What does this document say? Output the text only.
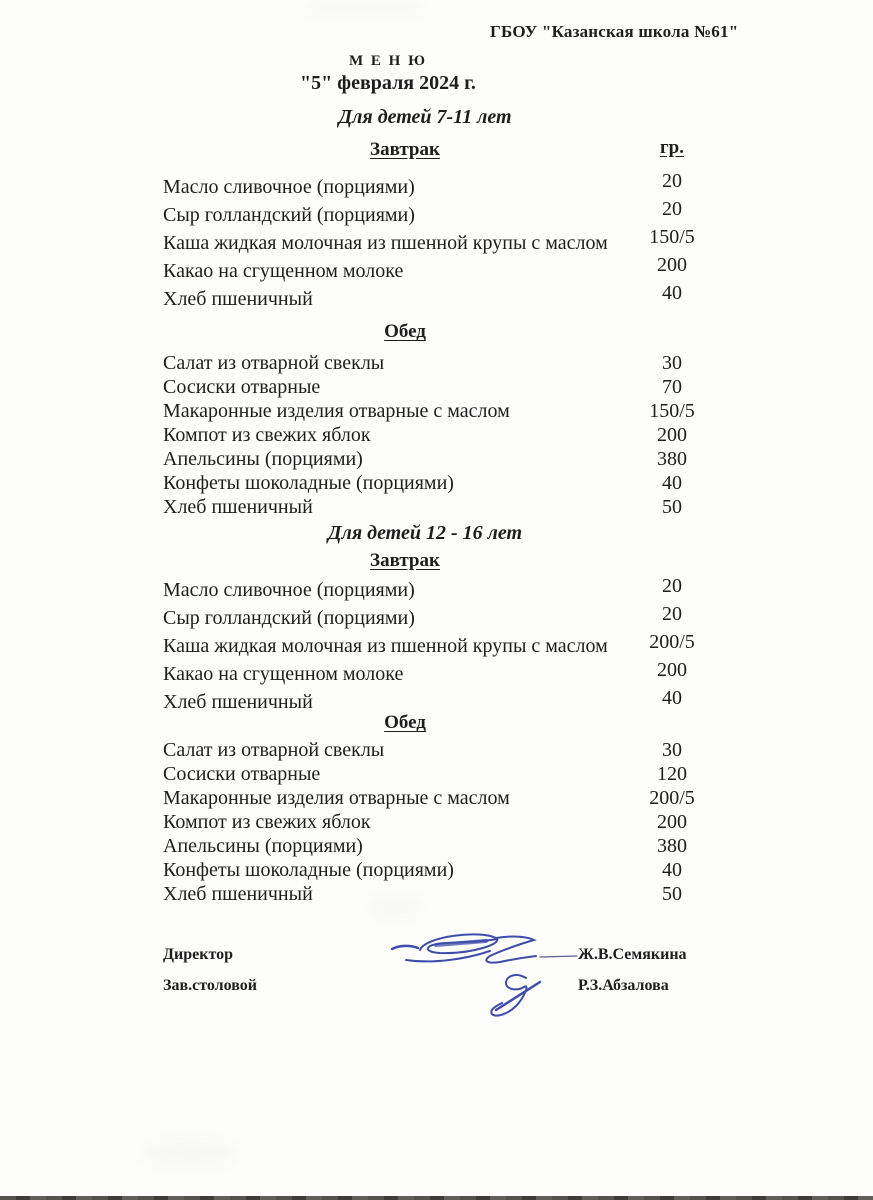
ГБОУ "Казанская школа №61"
М Е Н Ю
"5" февраля 2024 г.
Для детей 7-11 лет
Завтрак	гр.
Масло сливочное (порциями)	20
Сыр голландский (порциями)	20
Каша жидкая молочная из пшенной крупы с маслом	150/5
Какао на сгущенном молоке	200
Хлеб пшеничный	40
Обед
Салат из отварной свеклы	30
Сосиски отварные	70
Макаронные изделия отварные с маслом	150/5
Компот из свежих яблок	200
Апельсины (порциями)	380
Конфеты шоколадные (порциями)	40
Хлеб пшеничный	50
Для детей 12 - 16 лет
Завтрак
Масло сливочное (порциями)	20
Сыр голландский (порциями)	20
Каша жидкая молочная из пшенной крупы с маслом	200/5
Какао на сгущенном молоке	200
Хлеб пшеничный	40
Обед
Салат из отварной свеклы	30
Сосиски отварные	120
Макаронные изделия отварные с маслом	200/5
Компот из свежих яблок	200
Апельсины (порциями)	380
Конфеты шоколадные (порциями)	40
Хлеб пшеничный	50
Директор	Ж.В.Семякина
Зав.столовой	Р.З.Абзалова
